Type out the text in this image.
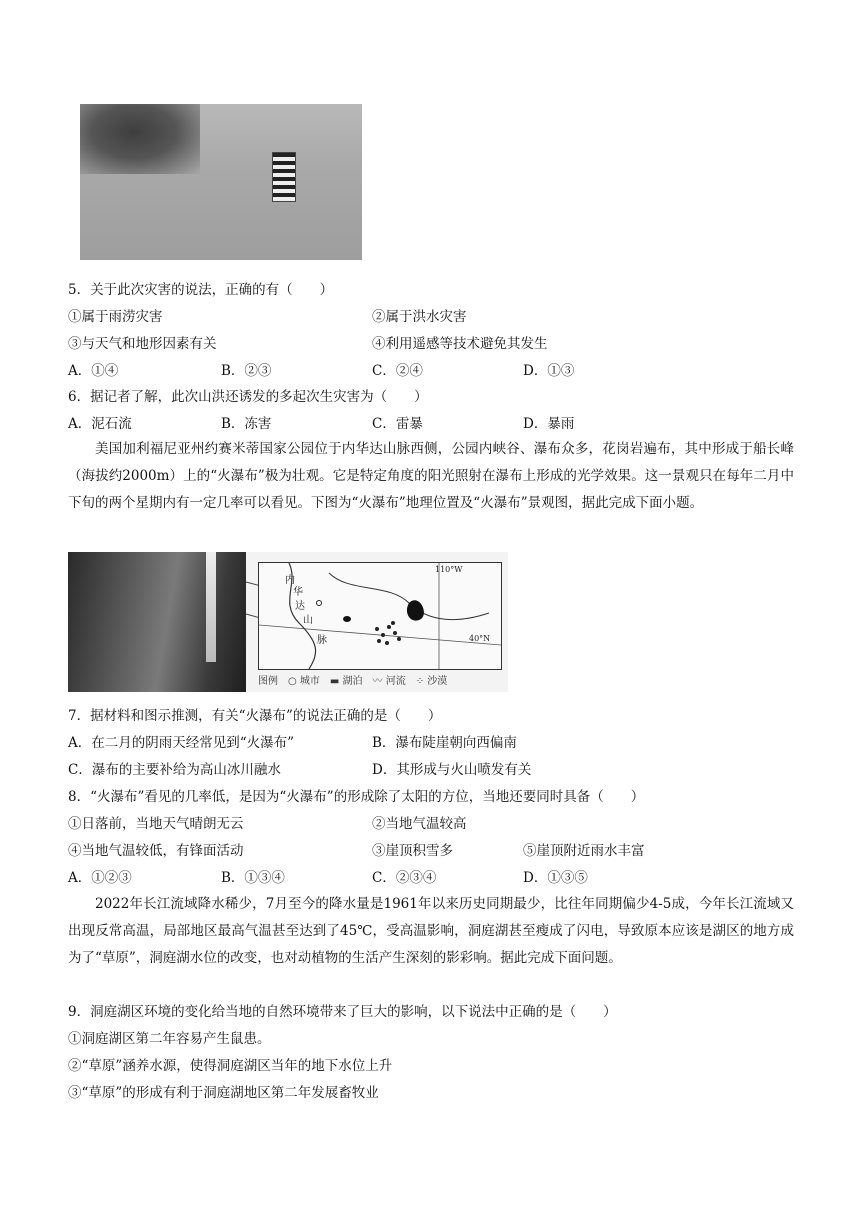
5．关于此次灾害的说法，正确的有（　　）
①属于雨涝灾害	②属于洪水灾害
③与天气和地形因素有关	④利用遥感等技术避免其发生
A．①④	B．②③	C．②④	D．①③
6．据记者了解，此次山洪还诱发的多起次生灾害为（　　）
A．泥石流	B．冻害	C．雷暴	D．暴雨
美国加利福尼亚州约赛米蒂国家公园位于内华达山脉西侧，公园内峡谷、瀑布众多，花岗岩遍布，其中形成于船长峰（海拔约2000m）上的“火瀑布”极为壮观。它是特定角度的阳光照射在瀑布上形成的光学效果。这一景观只在每年二月中下旬的两个星期内有一定几率可以看见。下图为“火瀑布”地理位置及“火瀑布”景观图，据此完成下面小题。
内
华
达
山
脉
110°W
40°N
图例　○ 城市　▬ 湖泊　〰 河流　⁘ 沙漠
7．据材料和图示推测，有关“火瀑布”的说法正确的是（　　）
A．在二月的阴雨天经常见到“火瀑布”	B．瀑布陡崖朝向西偏南
C．瀑布的主要补给为高山冰川融水	D．其形成与火山喷发有关
8．“火瀑布”看见的几率低，是因为“火瀑布”的形成除了太阳的方位，当地还要同时具备（　　）
①日落前，当地天气晴朗无云	②当地气温较高
④当地气温较低，有锋面活动	③崖顶积雪多	⑤崖顶附近雨水丰富
A．①②③	B．①③④	C．②③④	D．①③⑤
2022年长江流域降水稀少，7月至今的降水量是1961年以来历史同期最少，比往年同期偏少4-5成，今年长江流域又出现反常高温，局部地区最高气温甚至达到了45℃，受高温影响，洞庭湖甚至瘦成了闪电，导致原本应该是湖区的地方成为了“草原”，洞庭湖水位的改变，也对动植物的生活产生深刻的影彩响。据此完成下面问题。
9．洞庭湖区环境的变化给当地的自然环境带来了巨大的影响，以下说法中正确的是（　　）
①洞庭湖区第二年容易产生鼠患。
②“草原”涵养水源，使得洞庭湖区当年的地下水位上升
③“草原”的形成有利于洞庭湖地区第二年发展畜牧业
